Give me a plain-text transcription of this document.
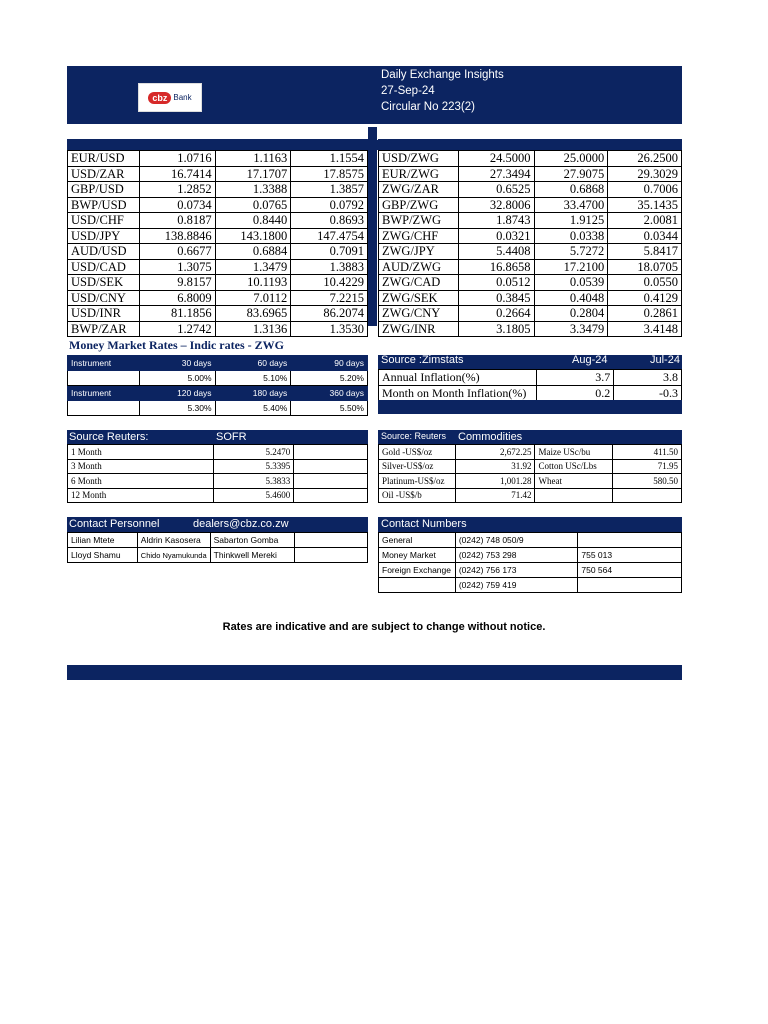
cbz Bank
Daily Exchange Insights
27-Sep-24
Circular No 223(2)
EUR/USD	1.0716	1.1163	1.1554
USD/ZAR	16.7414	17.1707	17.8575
GBP/USD	1.2852	1.3388	1.3857
BWP/USD	0.0734	0.0765	0.0792
USD/CHF	0.8187	0.8440	0.8693
USD/JPY	138.8846	143.1800	147.4754
AUD/USD	0.6677	0.6884	0.7091
USD/CAD	1.3075	1.3479	1.3883
USD/SEK	9.8157	10.1193	10.4229
USD/CNY	6.8009	7.0112	7.2215
USD/INR	81.1856	83.6965	86.2074
BWP/ZAR	1.2742	1.3136	1.3530
USD/ZWG	24.5000	25.0000	26.2500
EUR/ZWG	27.3494	27.9075	29.3029
ZWG/ZAR	0.6525	0.6868	0.7006
GBP/ZWG	32.8006	33.4700	35.1435
BWP/ZWG	1.8743	1.9125	2.0081
ZWG/CHF	0.0321	0.0338	0.0344
ZWG/JPY	5.4408	5.7272	5.8417
AUD/ZWG	16.8658	17.2100	18.0705
ZWG/CAD	0.0512	0.0539	0.0550
ZWG/SEK	0.3845	0.4048	0.4129
ZWG/CNY	0.2664	0.2804	0.2861
ZWG/INR	3.1805	3.3479	3.4148
Money Market Rates – Indic rates - ZWG
Instrument	30 days	60 days	90 days
	5.00%	5.10%	5.20%
Instrument	120 days	180 days	360 days
	5.30%	5.40%	5.50%
Source :Zimstats	Aug-24	Jul-24
Annual Inflation(%)	3.7	3.8
Month on Month Inflation(%)	0.2	-0.3
Source Reuters:	SOFR
1 Month	5.2470	
3 Month	5.3395	
6 Month	5.3833	
12 Month	5.4600	
Source: Reuters Commodities
Gold -US$/oz	2,672.25	Maize USc/bu	411.50
Silver-US$/oz	31.92	Cotton USc/Lbs	71.95
Platinum-US$/oz	1,001.28	Wheat	580.50
Oil -US$/b	71.42		
Contact Personnel	dealers@cbz.co.zw
Lilian Mtete	Aldrin Kasosera	Sabarton Gomba	
Lloyd Shamu	Chido Nyamukunda	Thinkwell Mereki	
Contact Numbers
General	(0242) 748 050/9	
Money Market	(0242) 753 298	755 013
Foreign Exchange	(0242) 756 173	750 564
	(0242) 759 419	
Rates are indicative and are subject to change without notice.
